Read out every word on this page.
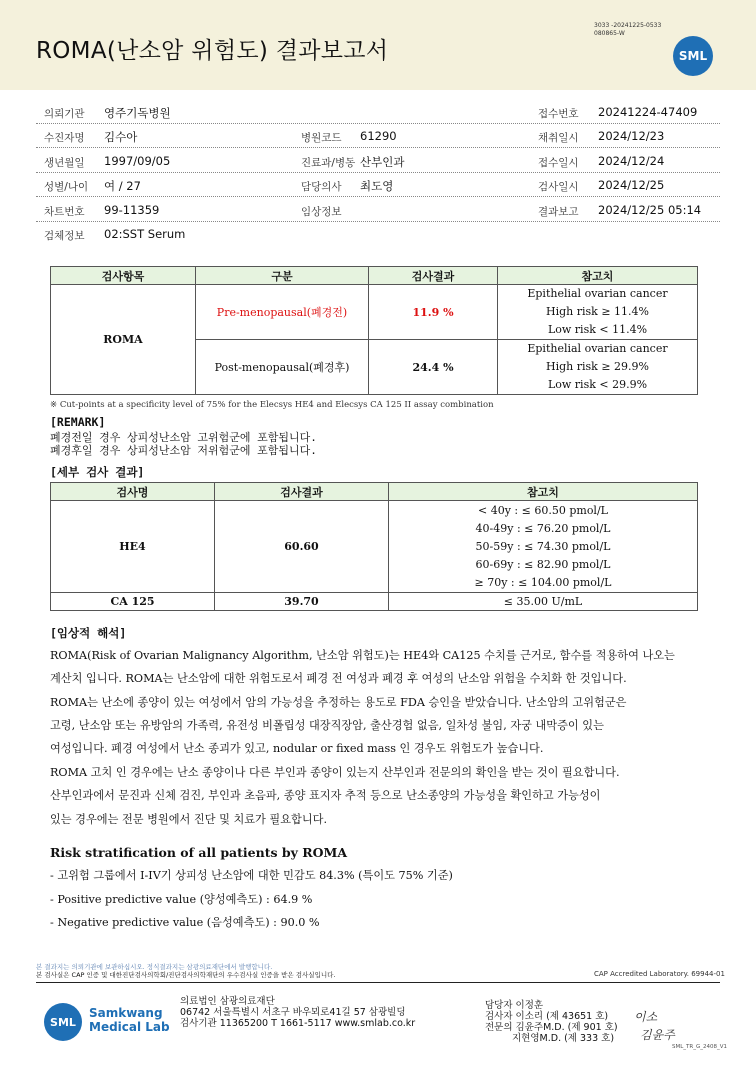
ROMA(난소암 위험도) 결과보고서
3033 -20241225-0533
080865-W
SML
의뢰기관 영주기독병원	접수번호 20241224-47409
수진자명 김수아	병원코드 61290	채취일시 2024/12/23
생년월일 1997/09/05	진료과/병동 산부인과	접수일시 2024/12/24
성별/나이 여 / 27	담당의사 최도영	검사일시 2024/12/25
차트번호 99-11359	임상정보	결과보고 2024/12/25 05:14
검체정보 02:SST Serum
검사항목	구분	검사결과	참고치
ROMA	Pre-menopausal(폐경전)	11.9 %	Epithelial ovarian cancer
High risk ≥ 11.4%
Low risk < 11.4%

	Post-menopausal(폐경후)	24.4 %	Epithelial ovarian cancer
High risk ≥ 29.9%
Low risk < 29.9%
※ Cut-points at a specificity level of 75% for the Elecsys HE4 and Elecsys CA 125 II assay combination
[REMARK]
폐경전일 경우 상피성난소암 고위험군에 포함됩니다.
폐경후일 경우 상피성난소암 저위험군에 포함됩니다.
[세부 검사 결과]
검사명	검사결과	참고치
HE4	60.60	< 40y : ≤ 60.50 pmol/L
40-49y : ≤ 76.20 pmol/L
50-59y : ≤ 74.30 pmol/L
60-69y : ≤ 82.90 pmol/L
≥ 70y : ≤ 104.00 pmol/L

CA 125	39.70	≤ 35.00 U/mL
[임상적 해석]
ROMA(Risk of Ovarian Malignancy Algorithm, 난소암 위험도)는 HE4와 CA125 수치를 근거로, 함수를 적용하여 나오는
계산치 입니다. ROMA는 난소암에 대한 위험도로서 폐경 전 여성과 폐경 후 여성의 난소암 위험을 수치화 한 것입니다.
ROMA는 난소에 종양이 있는 여성에서 암의 가능성을 추정하는 용도로 FDA 승인을 받았습니다. 난소암의 고위험군은
고령, 난소암 또는 유방암의 가족력, 유전성 비폴립성 대장직장암, 출산경험 없음, 일차성 불임, 자궁 내막증이 있는
여성입니다. 폐경 여성에서 난소 종괴가 있고, nodular or fixed mass 인 경우도 위험도가 높습니다.
ROMA 고치 인 경우에는 난소 종양이나 다른 부인과 종양이 있는지 산부인과 전문의의 확인을 받는 것이 필요합니다.
산부인과에서 문진과 신체 검진, 부인과 초음파, 종양 표지자 추적 등으로 난소종양의 가능성을 확인하고 가능성이
있는 경우에는 전문 병원에서 진단 및 치료가 필요합니다.
Risk stratification of all patients by ROMA
- 고위험 그룹에서 I-IV기 상피성 난소암에 대한 민감도 84.3% (특이도 75% 기준)
- Positive predictive value (양성예측도) : 64.9 %
- Negative predictive value (음성예측도) : 90.0 %
본 결과지는 의뢰기관에 보관하십시오. 정식결과지는 삼광의료재단에서 발행합니다.
본 검사실은 CAP 인증 및 대한진단검사의학회/진단검사의학재단의 우수검사실 인증을 받은 검사실입니다.	CAP Accredited Laboratory. 69944-01
SML
Samkwang
Medical Lab
의료법인 삼광의료재단
06742 서울특별시 서초구 바우뫼로41길 57 삼광빌딩
검사기관 11365200 T 1661-5117 www.smlab.co.kr
담당자 이정훈
검사자 이소리 (제 43651 호)
전문의 김윤주M.D. (제 901 호)
지현영M.D. (제 333 호)
이소
김윤주
SML_TR_G_2408_V1
